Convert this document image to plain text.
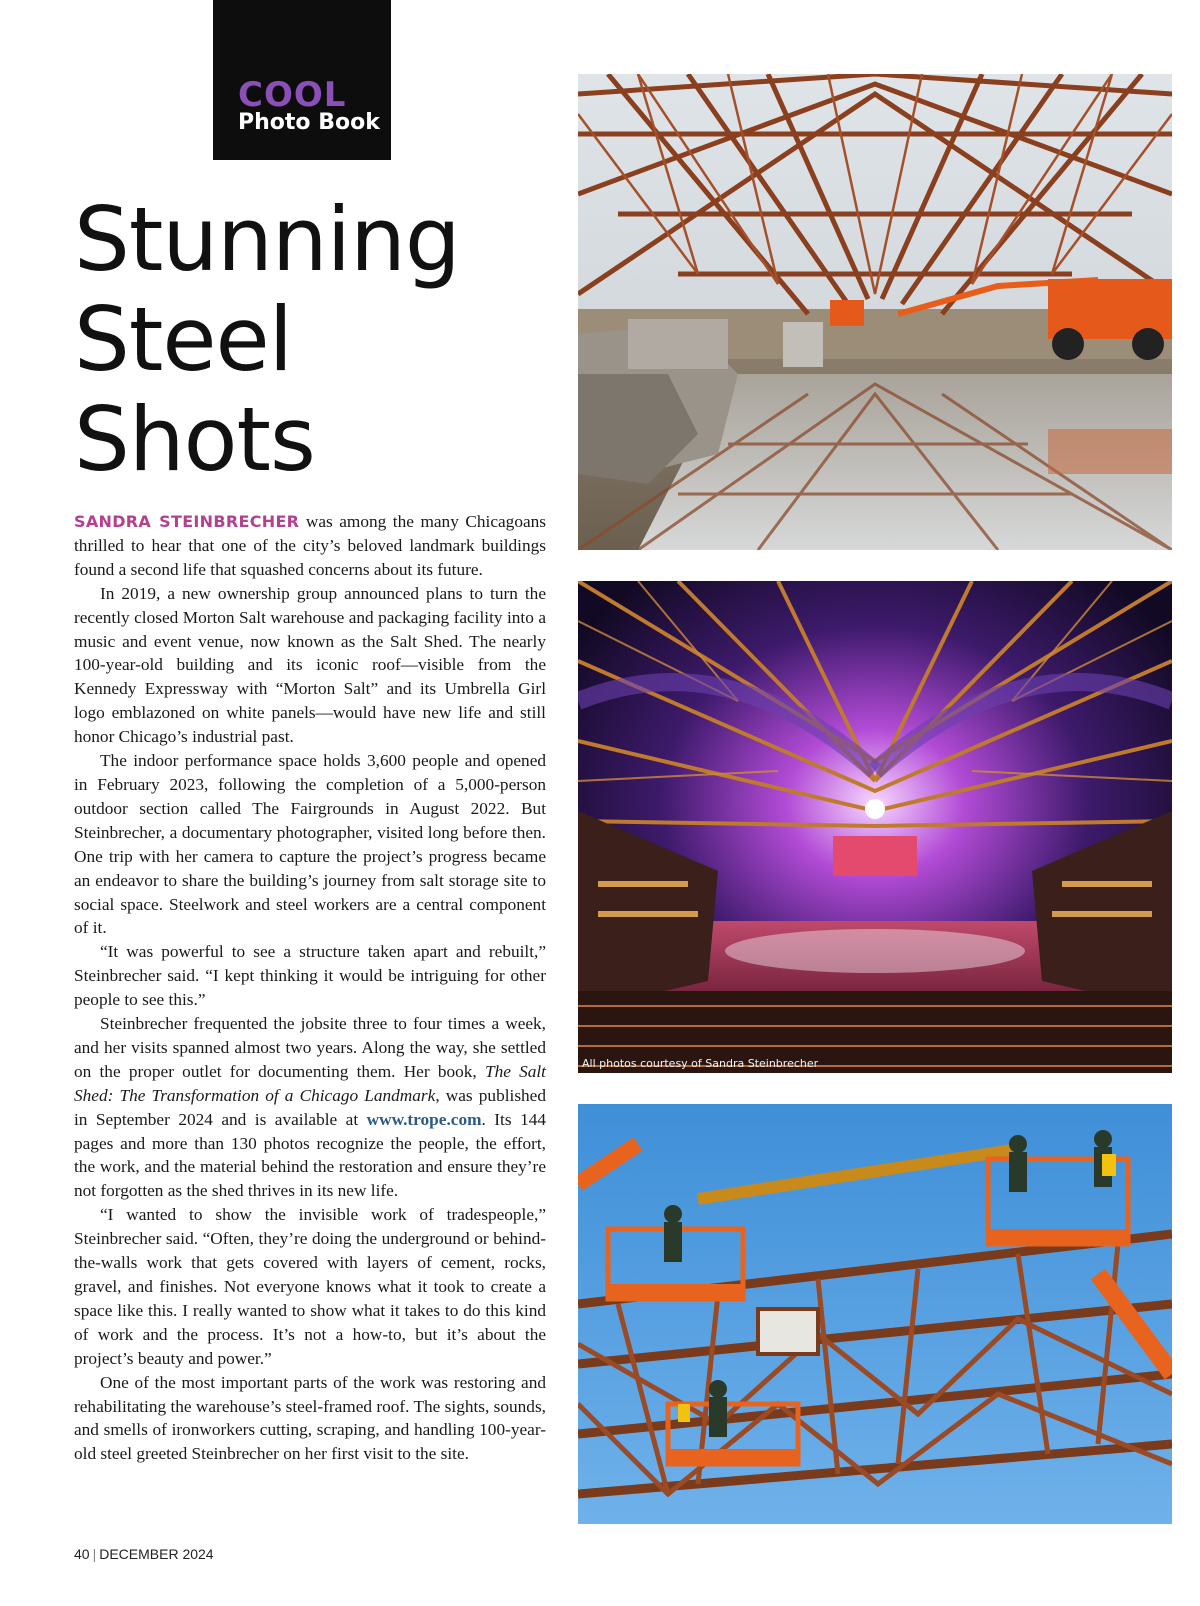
COOL
Photo Book
Stunning
Steel
Shots

SANDRA STEINBRECHER was among the many Chicagoans thrilled to hear that one of the city’s beloved landmark buildings found a second life that squashed concerns about its future.

In 2019, a new ownership group announced plans to turn the recently closed Morton Salt warehouse and packaging facility into a music and event venue, now known as the Salt Shed. The nearly 100-year-old building and its iconic roof—visible from the Kennedy Expressway with “Morton Salt” and its Umbrella Girl logo emblazoned on white panels—would have new life and still honor Chicago’s industrial past.

The indoor performance space holds 3,600 people and opened in February 2023, following the completion of a 5,000-person outdoor section called The Fairgrounds in August 2022. But Steinbrecher, a documentary photographer, visited long before then. One trip with her camera to capture the project’s progress became an endeavor to share the building’s journey from salt storage site to social space. Steelwork and steel workers are a central component of it.

“It was powerful to see a structure taken apart and rebuilt,” Steinbrecher said. “I kept thinking it would be intriguing for other people to see this.”

Steinbrecher frequented the jobsite three to four times a week, and her visits spanned almost two years. Along the way, she settled on the proper outlet for documenting them. Her book, The Salt Shed: The Transformation of a Chicago Landmark, was published in September 2024 and is available at www.trope.com. Its 144 pages and more than 130 photos recognize the people, the effort, the work, and the material behind the restoration and ensure they’re not forgotten as the shed thrives in its new life.

“I wanted to show the invisible work of tradespeople,” Steinbrecher said. “Often, they’re doing the underground or behind-the-walls work that gets covered with layers of cement, rocks, gravel, and finishes. Not everyone knows what it took to create a space like this. I really wanted to show what it takes to do this kind of work and the process. It’s not a how-to, but it’s about the project’s beauty and power.”

One of the most important parts of the work was restoring and rehabilitating the warehouse’s steel-framed roof. The sights, sounds, and smells of ironworkers cutting, scraping, and handling 100-year-old steel greeted Steinbrecher on her first visit to the site.

40 | DECEMBER 2024
All photos courtesy of Sandra Steinbrecher
